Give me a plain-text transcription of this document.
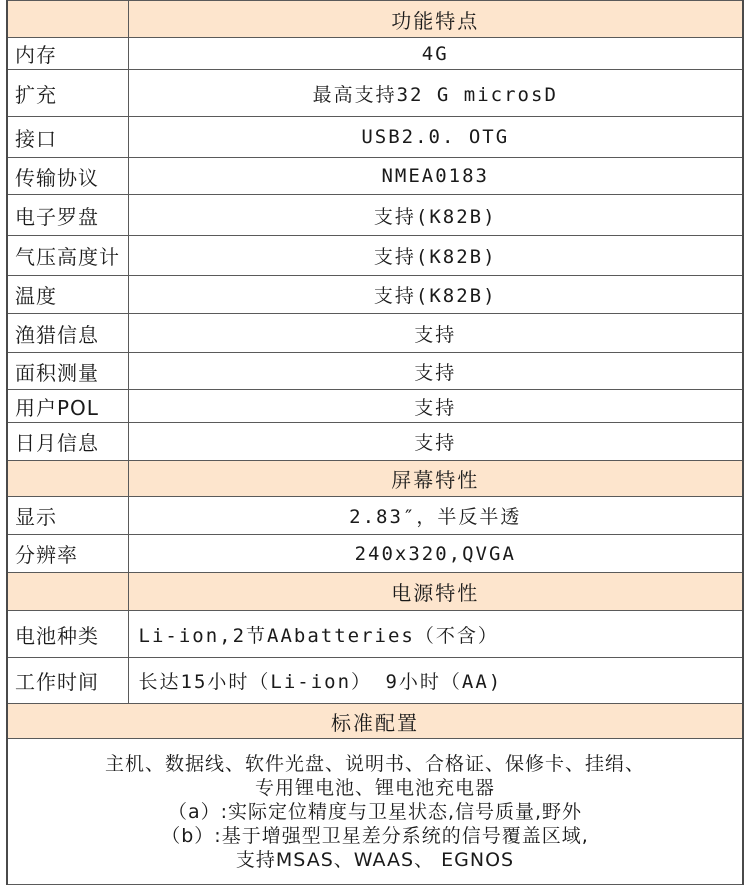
	功能特点
内存	4G
扩充	最高支持32 G microsD
接口	USB2.0. OTG
传输协议	NMEA0183
电子罗盘	支持(K82B)
气压高度计	支持(K82B)
温度	支持(K82B)
渔猎信息	支持
面积测量	支持
用户POL	支持
日月信息	支持
	屏幕特性
显示	2.83″，半反半透
分辨率	240x320,QVGA
	电源特性
电池种类	Li-ion,2节AAbatteries（不含）
工作时间	长达15小时（Li-ion） 9小时（AA)
标准配置	

主机、数据线、软件光盘、说明书、合格证、保修卡、挂绢、
专用锂电池、锂电池充电器
（a）:实际定位精度与卫星状态,信号质量,野外
（b）:基于增强型卫星差分系统的信号覆盖区域,
支持MSAS、WAAS、 EGNOS	
